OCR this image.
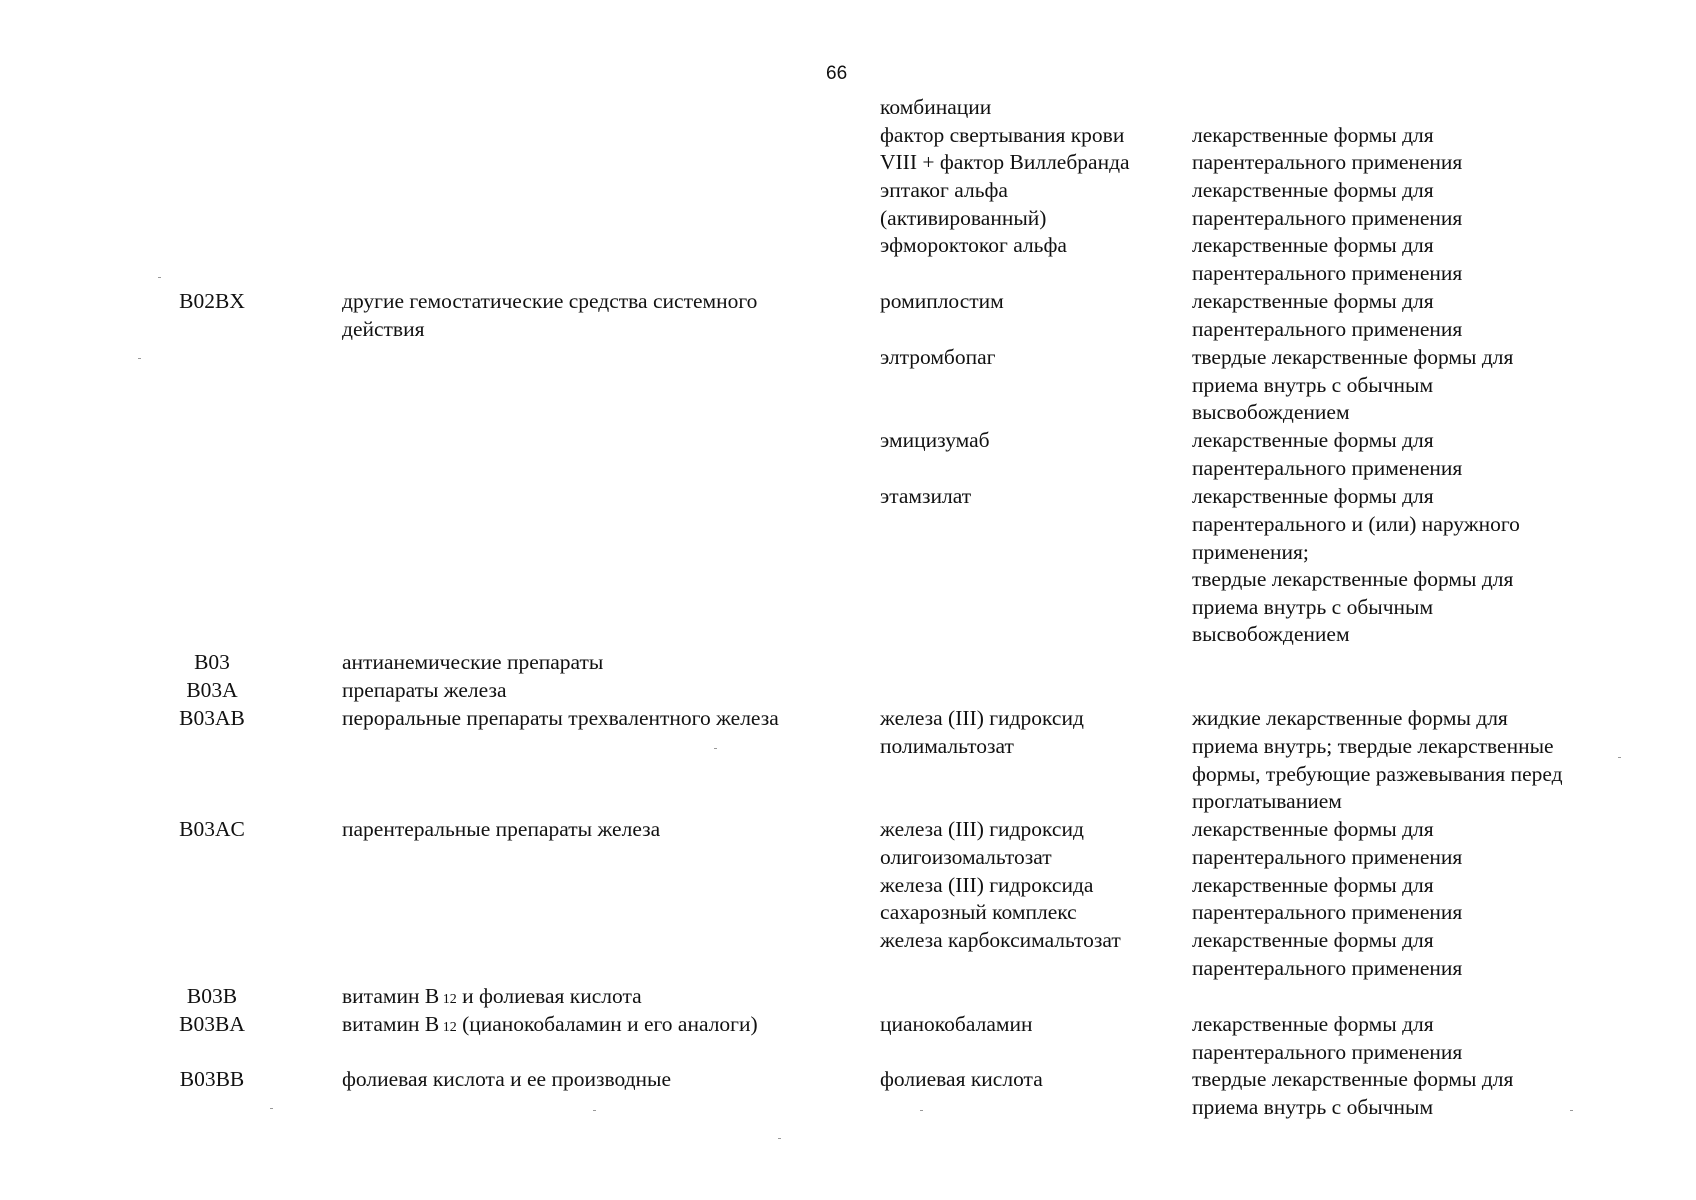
66
комбинации
фактор свертывания крови	лекарственные формы для
VIII + фактор Виллебранда	парентерального применения
эптаког альфа	лекарственные формы для
(активированный)	парентерального применения
эфмороктоког альфа	лекарственные формы для
парентерального применения
B02BX	другие гемостатические средства системного	ромиплостим	лекарственные формы для
действия	парентерального применения
элтромбопаг	твердые лекарственные формы для
приема внутрь с обычным
высвобождением
эмицизумаб	лекарственные формы для
парентерального применения
этамзилат	лекарственные формы для
парентерального и (или) наружного
применения;
твердые лекарственные формы для
приема внутрь с обычным
высвобождением
B03	антианемические препараты
B03A	препараты железа
B03AB	пероральные препараты трехвалентного железа	железа (III) гидроксид	жидкие лекарственные формы для
полимальтозат	приема внутрь; твердые лекарственные
формы, требующие разжевывания перед
проглатыванием
B03AC	парентеральные препараты железа	железа (III) гидроксид	лекарственные формы для
олигоизомальтозат	парентерального применения
железа (III) гидроксида	лекарственные формы для
сахарозный комплекс	парентерального применения
железа карбоксимальтозат	лекарственные формы для
парентерального применения
B03B	витамин B 12 и фолиевая кислота
B03BA	витамин B 12 (цианокобаламин и его аналоги)	цианокобаламин	лекарственные формы для
парентерального применения
B03BB	фолиевая кислота и ее производные	фолиевая кислота	твердые лекарственные формы для
приема внутрь с обычным
